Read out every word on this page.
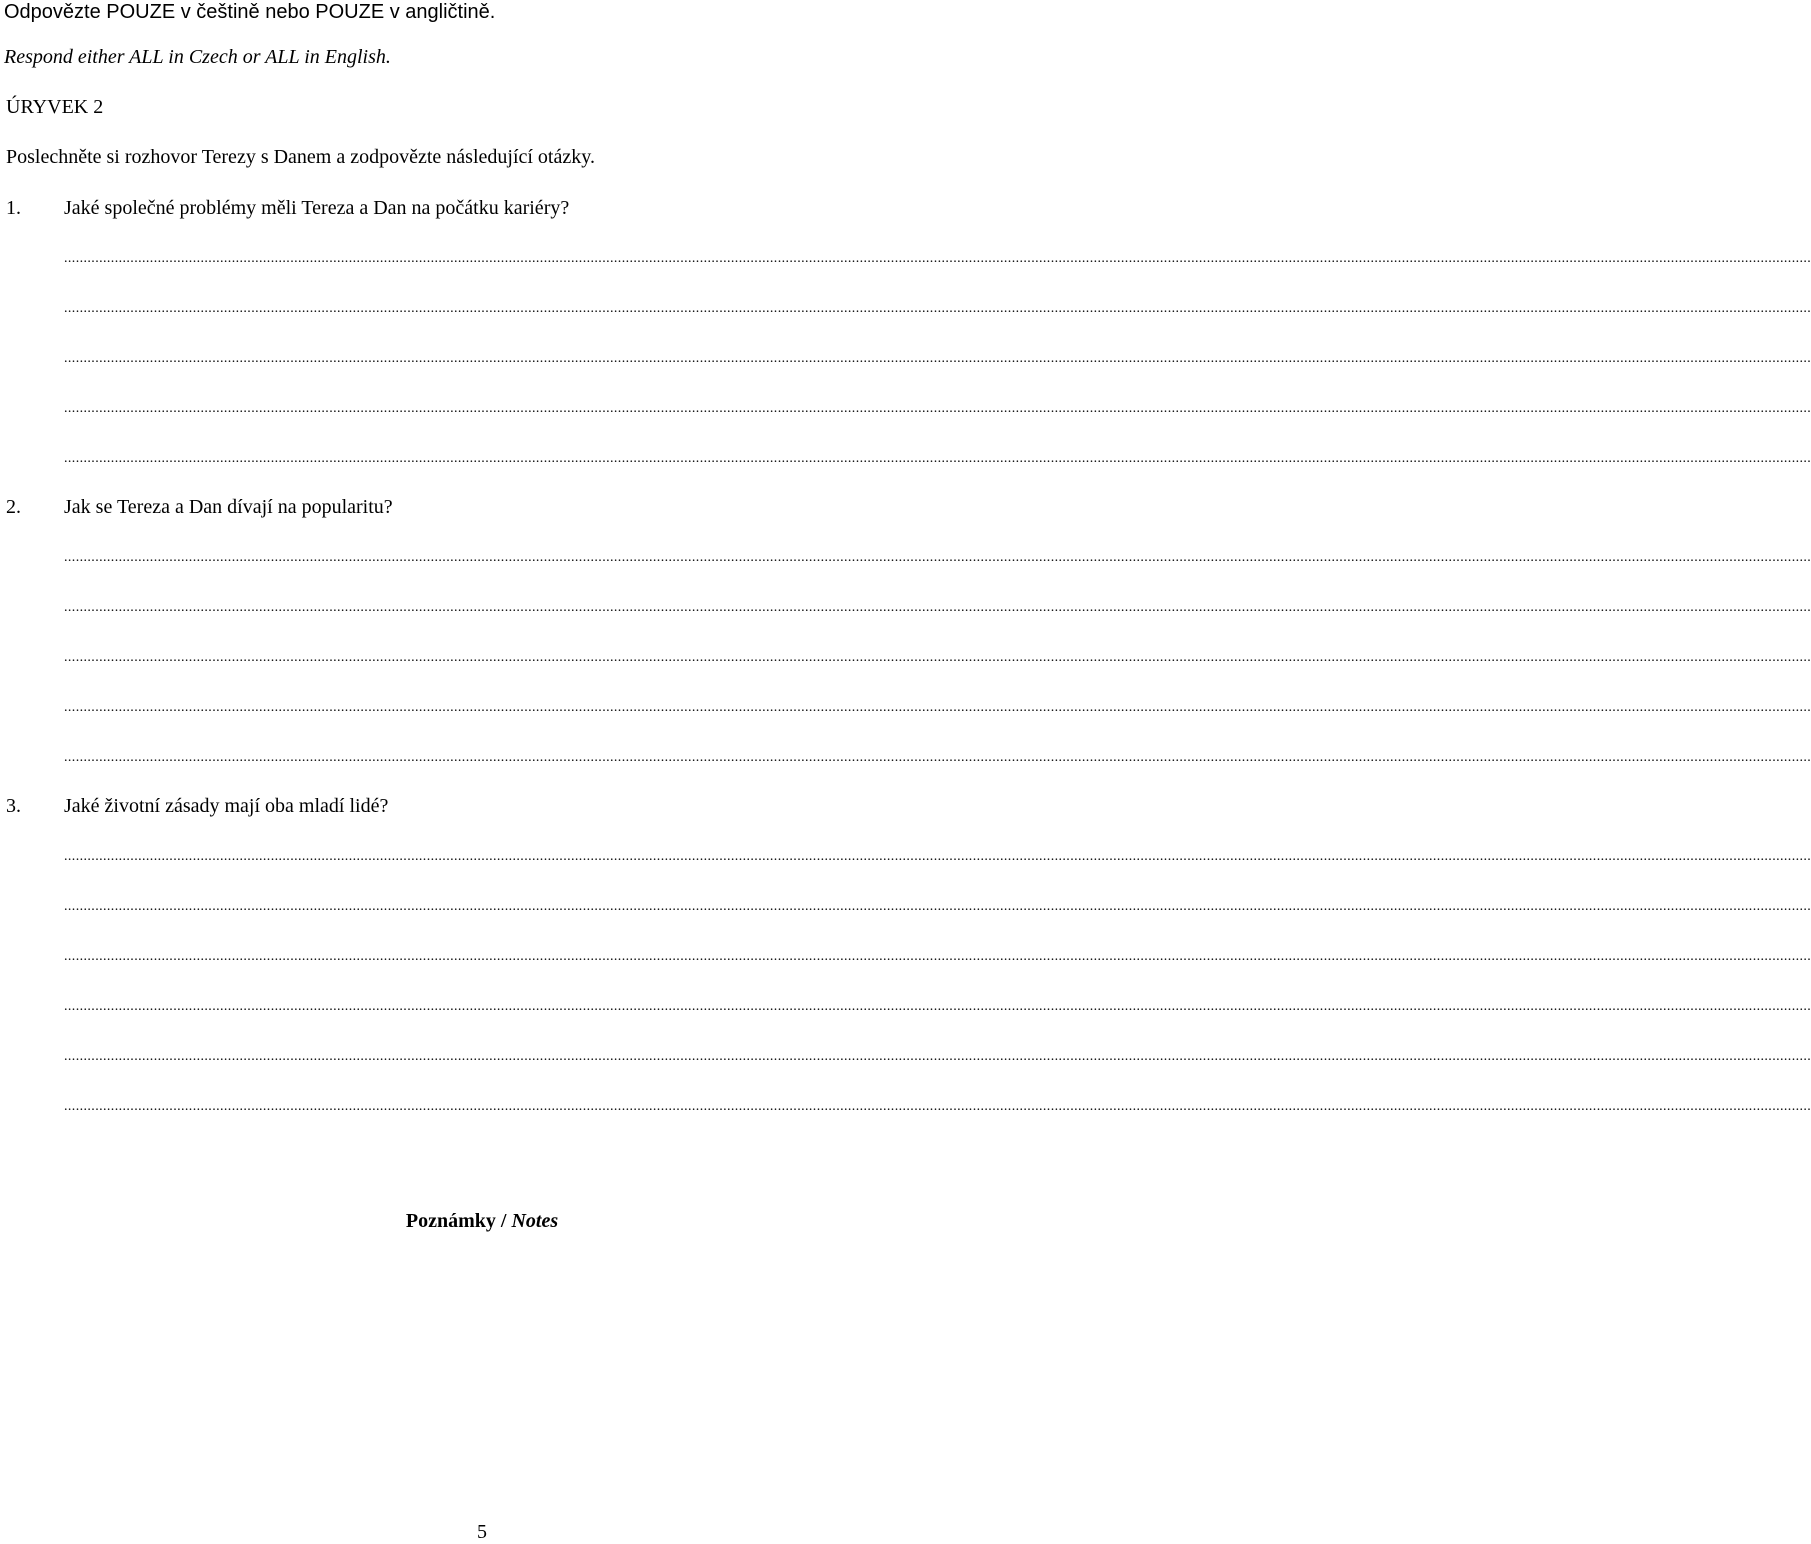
Odpovězte POUZE v češtině nebo POUZE v angličtině.
Respond either ALL in Czech or ALL in English.
ÚRYVEK 2
Poslechněte si rozhovor Terezy s Danem a zodpovězte následující otázky.
1. Jaké společné problémy měli Tereza a Dan na počátku kariéry?
................................................................................................................................................................................................................................................................................................................................................................................................................................................................
................................................................................................................................................................................................................................................................................................................................................................................................................................................................
................................................................................................................................................................................................................................................................................................................................................................................................................................................................
................................................................................................................................................................................................................................................................................................................................................................................................................................................................
................................................................................................................................................................................................................................................................................................................................................................................................................................................................
2. Jak se Tereza a Dan dívají na popularitu?
................................................................................................................................................................................................................................................................................................................................................................................................................................................................
................................................................................................................................................................................................................................................................................................................................................................................................................................................................
................................................................................................................................................................................................................................................................................................................................................................................................................................................................
................................................................................................................................................................................................................................................................................................................................................................................................................................................................
................................................................................................................................................................................................................................................................................................................................................................................................................................................................
3. Jaké životní zásady mají oba mladí lidé?
................................................................................................................................................................................................................................................................................................................................................................................................................................................................
................................................................................................................................................................................................................................................................................................................................................................................................................................................................
................................................................................................................................................................................................................................................................................................................................................................................................................................................................
................................................................................................................................................................................................................................................................................................................................................................................................................................................................
................................................................................................................................................................................................................................................................................................................................................................................................................................................................
................................................................................................................................................................................................................................................................................................................................................................................................................................................................
Poznámky / Notes
5
